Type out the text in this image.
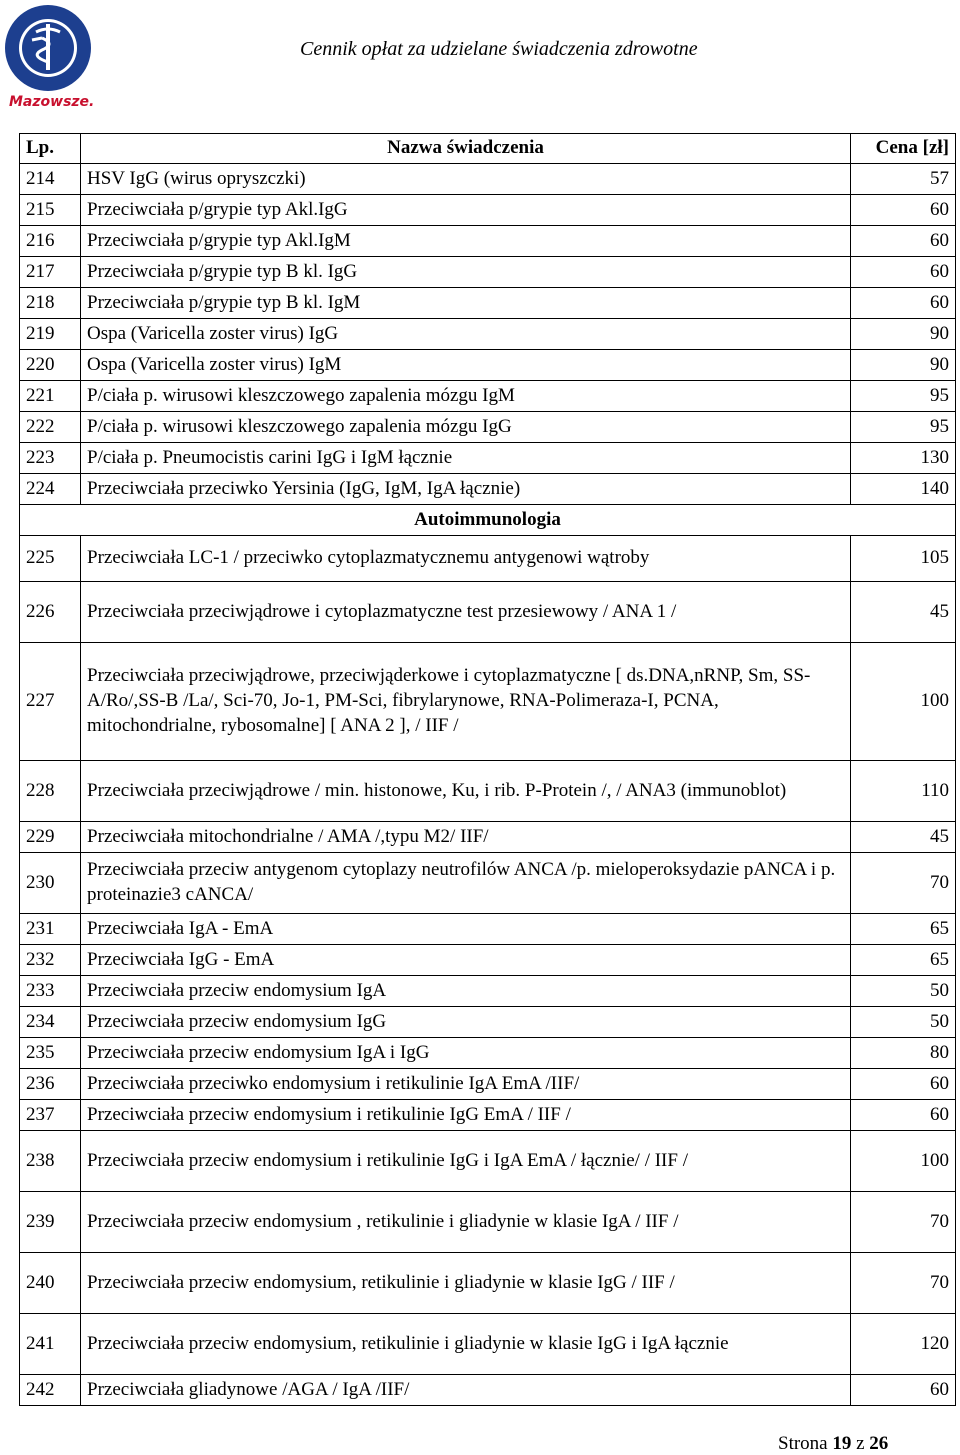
Mazowsze.
Cennik opłat za udzielane świadczenia zdrowotne
Lp.	Nazwa świadczenia	Cena [zł]
214	HSV IgG (wirus opryszczki)	57
215	Przeciwciała p/grypie typ Akl.IgG	60
216	Przeciwciała p/grypie typ Akl.IgM	60
217	Przeciwciała p/grypie typ B kl. IgG	60
218	Przeciwciała p/grypie typ B kl. IgM	60
219	Ospa (Varicella zoster virus) IgG	90
220	Ospa (Varicella zoster virus) IgM	90
221	P/ciała p. wirusowi kleszczowego zapalenia mózgu IgM	95
222	P/ciała p. wirusowi kleszczowego zapalenia mózgu IgG	95
223	P/ciała p. Pneumocistis carini IgG i IgM łącznie	130
224	Przeciwciała przeciwko Yersinia (IgG, IgM, IgA łącznie)	140
Autoimmunologia		
225	Przeciwciała LC-1 / przeciwko cytoplazmatycznemu antygenowi wątroby	105
226	Przeciwciała przeciwjądrowe i cytoplazmatyczne test przesiewowy / ANA 1 /	45
227	Przeciwciała przeciwjądrowe, przeciwjąderkowe i cytoplazmatyczne [ ds.DNA,nRNP, Sm, SS-A/Ro/,SS-B /La/, Sci-70, Jo-1, PM-Sci, fibrylarynowe, RNA-Polimeraza-I, PCNA, mitochondrialne, rybosomalne] [ ANA 2 ], / IIF /	100
228	Przeciwciała przeciwjądrowe / min. histonowe, Ku, i rib. P-Protein /, / ANA3 (immunoblot)	110
229	Przeciwciała mitochondrialne / AMA /,typu M2/ IIF/	45
230	Przeciwciała przeciw antygenom cytoplazy neutrofilów ANCA /p. mieloperoksydazie pANCA i p. proteinazie3 cANCA/	70
231	Przeciwciała IgA - EmA	65
232	Przeciwciała IgG - EmA	65
233	Przeciwciała przeciw endomysium IgA	50
234	Przeciwciała przeciw endomysium IgG	50
235	Przeciwciała przeciw endomysium IgA i IgG	80
236	Przeciwciała przeciwko endomysium i retikulinie IgA EmA /IIF/	60
237	Przeciwciała przeciw endomysium i retikulinie IgG EmA / IIF /	60
238	Przeciwciała przeciw endomysium i retikulinie IgG i IgA EmA / łącznie/ / IIF /	100
239	Przeciwciała przeciw endomysium , retikulinie i gliadynie w klasie IgA / IIF /	70
240	Przeciwciała przeciw endomysium, retikulinie i gliadynie w klasie IgG / IIF /	70
241	Przeciwciała przeciw endomysium, retikulinie i gliadynie w klasie IgG i IgA łącznie	120
242	Przeciwciała gliadynowe /AGA / IgA /IIF/	60
Strona 19 z 26
